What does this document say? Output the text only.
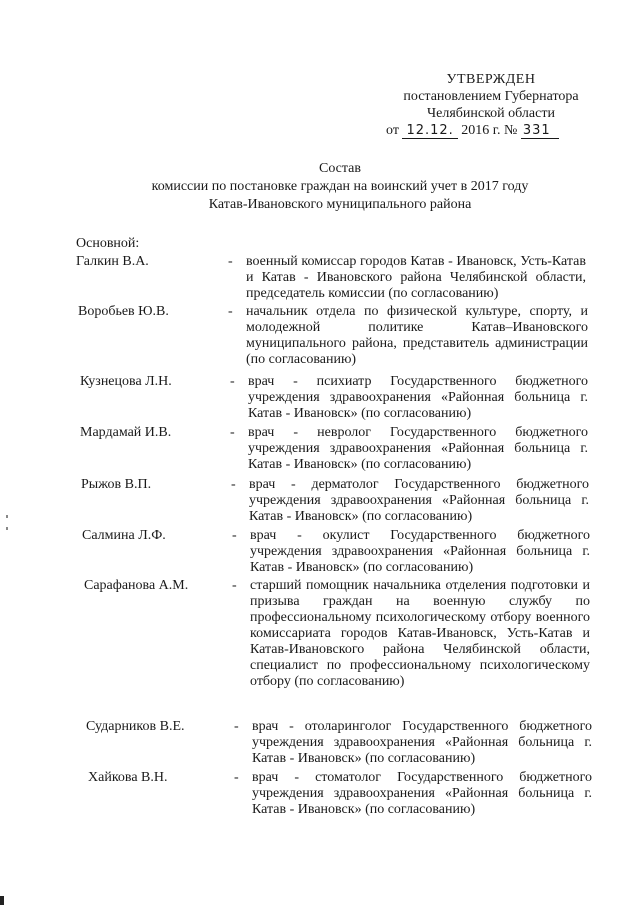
УТВЕРЖДЕН
постановлением Губернатора
Челябинской области
от 12.12. 2016 г. № 331
Состав
комиссии по постановке граждан на воинский учет в 2017 году
Катав-Ивановского муниципального района
Основной:
Галкин В.А.	- военный комиссар городов Катав - Ивановск, Усть-Катав и Катав - Ивановского района Челябинской области, председатель комиссии (по согласованию)
Воробьев Ю.В.	- начальник отдела по физической культуре, спорту, и молодежной политике Катав–Ивановского муниципального района, представитель администрации (по согласованию)
Кузнецова Л.Н.	- врач - психиатр Государственного бюджетного учреждения здравоохранения «Районная больница г. Катав - Ивановск» (по согласованию)
Мардамай И.В.	- врач - невролог Государственного бюджетного учреждения здравоохранения «Районная больница г. Катав - Ивановск» (по согласованию)
Рыжов В.П.	- врач - дерматолог Государственного бюджетного учреждения здравоохранения «Районная больница г. Катав - Ивановск» (по согласованию)
Салмина Л.Ф.	- врач - окулист Государственного бюджетного учреждения здравоохранения «Районная больница г. Катав - Ивановск» (по согласованию)
Сарафанова А.М.	- старший помощник начальника отделения подготовки и призыва граждан на военную службу по профессиональному психологическому отбору военного комиссариата городов Катав-Ивановск, Усть-Катав и Катав-Ивановского района Челябинской области, специалист по профессиональному психологическому отбору (по согласованию)
Сударников В.Е.	- врач - отоларинголог Государственного бюджетного учреждения здравоохранения «Районная больница г. Катав - Ивановск» (по согласованию)
Хайкова В.Н.	- врач - стоматолог Государственного бюджетного учреждения здравоохранения «Районная больница г. Катав - Ивановск» (по согласованию)
